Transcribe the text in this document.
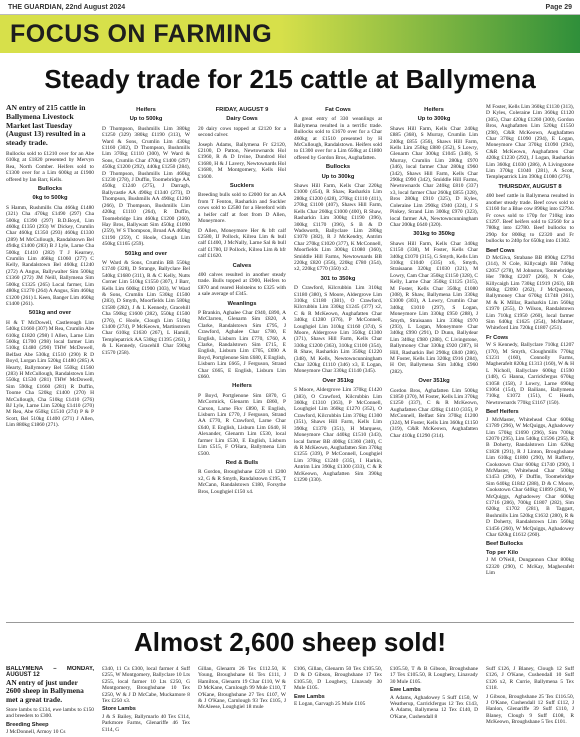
THE GUARDIAN, 22nd August 2024	Page 29
FOCUS ON FARMING
Steady trade for 215 cattle at Ballymena
AN entry of 215 cattle in Ballymena Livestock Market last Tuesday (August 13) resulted in a steady trade.

Bullocks sold to £1210 over for an Abe 610kg at £1820 presented by Mervyn Rea, North Comber. Heifers sold to £1300 over for a Lim 600kg at £1900 offered by Ian Barr, Kells.

Bullocks
0kg to 500kg

S Hamm, Rushmills Cha 466kg £1480 (321) Cha 470kg £1490 (297) Cha 500kg £1390 (297) B.D.Boyd, Lim 460kg £1350 (293) W Dickey, Crumlin Char 460kg £1350 (293) 460kg £1330 (289) M McCullough, Randalstown Bel 494kg £1400 (283) B J Lyle, Larne Cha 500kg £1410 (282) T J Kearney, Crumlin Lim 468kg £1060 (277) C Kelly, Randalstown Bel 460kg £1240 (272) A Angus, Ballywalter Sim 500kg £1360 (272) JM Neill, Ballymena Sim 500kg £1325 (265) Local farmer, Lim 480kg £1270 (264) A Angus, Sim 460kg £1200 (261) L Keen, Banger Lim 460kg £1400 (261).

501kg and over

H & T McDowell, Castlereagh Lim 540kg £1660 (307) M Rea, Crumlin Abe 610kg £1820 (298) I Allen, Larne Lim 560kg £1700 (298) local farmer Lim 510kg £1480 (290) THW McDowell, Belfast Abe 530kg £1510 (290) R D Boyd, Lurgan Lim 520kg £1480 (285) A Hearty, Ballymoney Bel 550kg £1560 (283) H McCullough, Randalstown Lim 550kg £1530 (281) THW McDowell, Sim 590kg £1660 (281) R Duffin, Toome Cha 520kg £1400 (270) H McCullough, Cha 510kg £1410 (276) BJ Lyle, Larne Lim 520kg £1410 (270) M Rea, Abe 650kg £1510 (274) P & P Scott, Bel 510kg £1400 (271) J Allen, Lim 880kg £1860 (271).

Heifers
Up to 500kg

D Thompson, Bushmills Lim 380kg £1250 (329) 380kg £1190 (313), W Ward & Sons, Crumlin Lim 430kg £1160 (302), D Thompson, Bushmills Lim 370kg £1110 (300), W Ward & Sons, Crumlin Char 470kg £1400 (297) 450kg £1200 (292), 440kg £1250 (284), D Thompson, Bushmills Lim 460kg £1230 (278), J Duffin, Toomebridge AA 450kg £1240 (275), J Darragh, Ballycastle AA 490kg £1340 (273), D Thompson, Bushmills AA 490kg £1260 (266), D Thompson, Bushmills Lim 420kg £1110 (264), R Duffin, Toomebridge Lim 460kg £1200 (260), Hay Bros, Ballywatt Sim 450kg £1090 (259), W S Thompson, Broad AA 460kg £1190 (259), C Hoole, Clough Lim 450kg £1165 (259).

501kg and over

W Ward & Sons, Crumlin BB 550kg £1740 (328), D Strange, Ballyclare Bel 540kg £1680 (311), R & C Kelly, Nutts Corner Lim 510kg £1550 (307), J Barr, Kells Lim 600kg £1900 (303), W Ward & Sons, Crumlin Lim 530kg £1500 (283), D Smyth, Moorfields Lim 580kg £1580 (282), J & L Kennedy, Gracehill Cha 590kg £1600 (282), 550kg £1500 (276), C Hoole, Clough Lim 510kg £1400 (274), P McKeown, Martinstown Char 610kg £1630 (267), L Hamill, Templepatrick AA 530kg £1395 (263), J & L Kennedy, Gracehill Char 590kg £1570 (258).

FRIDAY, AUGUST 9
Dairy Cows

20 dairy cows topped at £2120 for a second calver.

Joseph Adams, Ballymena Fr £2120, £2100, D Patton, Newtownards Hol £1960, R & D Irvine, Dundrod Hol £1680, H & J Lavery, Newtownards Hol £1680, M Montgomery, Kells Hol £1600.

Sucklers

Breeding bulls sold to £2000 for an AA from T Fenton, Rasharkin and Suckler cows sold to £2580 for a Hereford with a heifer calf at foot from D Allen, Moneymore.

D Allen, Moneymore Her & bft calf £2580, IJ Pollock, Kilrea Lim & bull calf £1400, J McNally, Larne Sal & bull calf £1780, IJ Pollock, Kilrea Lim & hfr calf £1620.

Calves

400 calves resulted in another steady trade. Bulls topped at £900, Heifers to £870 and reared Holsteins to £325 with a sale average of £345.

Weanlings

P Brankin, Aghalee Char £940, £890, A McClarren, Glenarm Sim £820, A Clarke, Randalstown Sim £795, J Crawford, Aghalee Char £780, E English, Lisburn Lim £770, £760, A Clarke, Randalstown Sim £715, E English, Lisburn Lim £705, £690 A Boyd, Portglenone Sim £680, E English, Lisburn Lim £665, J Ferguson, Strand Char £665, E English, Lisburn Lim £660.

Heifers

P Boyd, Portglenone Sim £870, G McCormick, Glenarm Lim £860, P Carson, Larne Fkv £890, E English, Lisburn Lim £770, J Ferguson, Strand AA £770, R Crawford, Larne Char £640, E English, Lisburn Lim £640, H Alexander, Glenarm Lim £530, local farmer Lim £530, E English, Lisburn Lim £515, F O'Hara, Ballymena Lim £500.

Red & Bulls

R Gordon, Broughshane £220 x1 £200 x2, G & R Smyth, Randalstown £195, T McCann, Randalstown £180, Forsythe Bros, Loughgiel £150 x4.

Fat Cows

A great entry of 330 weanlings at Ballymena resulted in a terrific trade. Bullocks sold to £1670 over for a Char 460kg at £1510 presented by H McCullough, Randalstown. Heifers sold to £1300 over for a Lim 650kg at £1800 offered by Gordon Bros, Aughafatten.

Bullocks
Up to 300kg

Shaws Hill Farm, Kells Char 220kg £1000 (454), R Shaw, Rasharkin Lim 280kg £1200 (428), 270kg £1110 (411), 270kg £1100 (407), Shaws Hill Farm, Kells Char 260kg £1000 (400), R Shaw, Rasharkin Lim 300kg £1190 (396), 300kg £1170 (396), S B & D Wadsworth, Ballyclare Lim 280kg £1070 (382), R J McKendry, Antrim Char 270kg £1020 (377), K McConnell, Moorfields Lim 300kg £1080 (360), Smiddle Hill Farms, Newtownards BB 220kg £820 (356), 220kg £780 (354), x2, 220kg £770 (350) x2.

301 to 350kg

D Crawford, Kilcrubbin Lim 310kg £1180 (380), S Moore, Aldergrove Lim 310kg £1180 (381), O Crawford, Kilcrubbin Lim 330kg £1245 (377) x2, C & R McKeown, Aughafatten Char 340kg £1280 (376), P McConnell, Loughgiel Lim 310kg £1160 (374), S Moore, Aldergrove Lim 350kg £1300 (371), Shaws Hill Farm, Kells Char 330kg £1200 (363), 310kg £1100 (354), R Shaw, Rasharkin Lim 350kg £1220 (348), M Kells, Newtowncunningham Char 320kg £1110 (346) x3, E Logan, Moneymore Char 330kg £1140 (345).

Over 351kg

S Moore, Aldergrove Lim 370kg £1420 (383), O Crawford, Kilcrubbin Lim 360kg £1310 (363), P McConnell, Loughgiel Lim 360kg £1270 (352), O Crawford, Kilcrubbin Lim 370kg £1300 (351), Shaws Hill Farm, Kells Lim 390kg £1370 (351), H Marquess, Moneymore Char 440kg £1510 (343), local farmer BB 400kg £1360 (340), C & R McKeown, Aughafatten Sim 370kg £1255 (339), P McConnell, Loughgiel Lim 370kg £1240 (335), I Harkin, Antrim Lim 390kg £1300 (333), C & R McKeown, Aughafatten Sim 390kg £1290 (330).

Heifers
Up to 300kg

Shaws Hill Farm, Kells Char 240kg £885 (368), S Murray, Crumlin Lim 240kg £855 (356), Shaws Hill Farm, Kells Lim 250kg £880 (352), S Lowry, Glenarm Char 300kg £1045 (348), S Murray, Crumlin Lim 280kg £970 (346), local farmer Char 280kg £960 (342), Shaws Hill Farm, Kells Char 290kg £990 (342), Smiddle Hill Farms, Newtownards Char 240kg £810 (337) x3, local farmer Char 260kg £855 (328), Bros 280kg £910 (325), D Kyles, Coleraine Lim 290kg £940 (324), J S Pinkey, Strand Lim 300kg £970 (323), local farmer AA, Newtowncunningham Char 200kg £640 (320).

301kg to 350kg

Shaws Hill Farm, Kells Char 340kg £1150 (338), M Foster, Kells Char 340kg £1070 (315), G Smyth, Kells Lim 310kg £1040 (335) x6, Smyth, Straisaann 320kg £1030 (321), M Lowry, Cam Char 350kg £1150 (328), C Kelly, Larne Char 350kg £1125 (315), M Foster, Kells Char 350kg £1080 (308), R Shaw, Ballymena Lim 330kg £1000 (303), A Lowry, Crumlin Char 340kg £1010 (297), S Logan, Moneymore Lim 330kg £950 (288), J Smyth, Straisaann Lim 330kg £970 (293), L Logan, Moneymore Char 340kg £990 (291), D Dunn, Ballydear Lim 340kg £980 (288), C Livingstone, Ballymoney Char 330kg £920 (287), H Hill, Rasharkin Bel 290kg £840 (286), M Foster, Kells Lim 320kg £916 (284), H Orr, Ballymena Sim 340kg £960 (282).

Over 351kg

Gordon Bros, Aghafatten Lim 500kg £1850 (370), M Foster, Kells Lim 370kg £1250 (337), C & R McKeown, Aughafatten Char 420kg £1410 (335), P McConnell, Belfast Sim 370kg £1200 (324), M Foster, Kells Lim 360kg £1150 (319), C&R McKeown, Aughafatten Char 410kg £1290 (314).

M Foster, Kells Lim 360kg £1130 (313), D Kyles, Coleraine Lim 360kg £1120 (305), Char 420kg £1260 (300), Gordon Bros, Aughafatten Lim 520kg £1550 (298), C&R McKeown, Aughafatten Char 370kg £1090 (294), E Logan, Moneymore Char 370kg £1090 (294), C&R McKeown, Aughafatten Char 420kg £1230 (292), J Logan, Rasharkin Lim 360kg £1030 (286), A Livingstone Lim 370kg £1040 (281), A Scott, Templepatrick Lim 390kg £1080 (276).

THURSDAY, AUGUST 8

400 beef cattle in Ballymena resulted in another steady trade. Beef cows sold to £1160 for a Blue cow 890kg into £2794. Fr cows sold to 170p for 710kg into £1297. Beef heifers sold to £2560 for a 780kg into £2780. Beef bullocks to 290p for 800kg to £2320 and Fr bullocks to 240p for 650kg into £1302.

Beef Cows

D McGiva, Strabane BB 890kg £2794 (314), N Cole, Killycaigh BB 740kg £2057 (278), M Johnston, Toomebridge Her 780kg £2207 (266), N Cole, Killycaigh Lim 730kg £1919 (263), BB 860kg £2090 (262), J McQueston, Ballymoney Char 670kg £1748 (261), M & K Millar, Rasharkin Lim 560kg £1970 (255), D Wilson, Randalstown Lim 710kg £1950 (260), local farmer Sim 640kg £1625 (254), McMaster, Whiteford Lim 720kg £1807 (251).

Fr Cows

W S Kennedy, Ballyclare 710kg £1207 (170), M Smyth, Cloughmills 770kg £1231 (160), Connolly Farms, Magherafelt 820kg £1313 (160), W & H L Nicholl, Ballyclare 600kg £1590 (148), G Hanna, Carrickfergus 670kg £1058 (158), J Lowry, Larne 690kg £1064 (154), D Bailians, Ballymena 710kg £1072 (151), C Heath, Newtownards 770kg £1167 (150).

Beef Heifers

J McMaster, Whitehead Char 600kg £1789 (296), W McQuiggs, Aghadowey Lim 570kg £1690 (296), Sim 700kg £2070 (295), Lim 540kg £1596 (295), R B Doherty, Randalstown Lim 620kg £1828 (291), R J Linton, Broughshane Lim 610kg £1800 (290), M Rafferty, Cookstown Char 600kg £1740 (290), I McMaster, Whitehead Char 500kg £1453 (290), F Duffin, Toomebridge Sim 640kg £1842 (288), D & C Moore, Cookstown Char 640kg £1899 (284), W McQuiggs, Aghadowey Char 600kg £1716 (286), 700kg £1807 (282), Sim 620kg £1702 (281), B Taggart, Bushmills Lim 520kg £1632 (280), R & D Doherty, Randalstown Lim 560kg £1456 (260), W McQuiggs, Aghadowey Char 620kg £1612 (260).

Beef Bullocks
Top per Kilo

J M O'Neill, Dungannon Char 800kg £2320 (290), C McKay, Magherafelt Lim

Almost 2,600 sheep sold!
BALLYMENA – MONDAY, AUGUST 12
AN entry of just under 2600 sheep in Ballymena met a great trade.

Store lambs to £134, ewe lambs to £150 and breeders to £300.

Breeding Sheep

J McDonnell, Armoy 10 Cs

£340, 11 Cs £300, local farmer 4 Suff £255, W Montgomery, Ballyclare 10 Lts £255, local farmer 10 Lts £250, G Montgomery, Broughshane 10 Tex £250, W & J D McCabe, Muckamore 8 Tex £250 x3.

Store Lambs

J & S Bailey, Ballymarlo 40 Tex £114, Parkmore Farms, Glenariffe 46 Tex £114, G

Gillan, Glenarm 26 Tex £112.50, K Young, Broughshane 61 Tex £111, J Hamilton, Glenarm 19 Char £110, W & D McKane, Carnlough 99 Mule £110, T O'Kane, Broughshane 27 Tex £107, W & J O'Kane, Carnlough 93 Tex £105, J McAleese, Loughgiel 18 mule

£106, Gillan, Glenarm 50 Tex £105.50, D & D Gibson, Broughshane 17 Tex £105.50, D Loughery, Linavady 30 Mule £105.

Ewe Lambs

E Logan, Garvagh 25 Mule £105

£105.50, T & B Gibson, Broughshane 17 Tex £105.50, R Loughery, Linavady 30 Mule £105.

Ewe Lambs

A Adams, Aghadowey 5 Suff £150, W Weatherup, Carrickfergus 12 Tex £143, A Adams, Ballymena 12 Tex £140, D O'Kane, Cushendall 8

Suff £126, J Blaney, Clough 12 Suff £126, J O'Kane, Cushendall 10 Suff £126 x2, R Currie, Ballymena 5 Tex £118.

J Gibson, Broughshane 25 Tex £116.50, J O'Kane, Cushendall 12 Suff £112, J Hanlon, Glenariffe 39 Suff £110, J Blaney, Clough 9 Suff £108, R McKeown, Broughshane 5 Tex £101.
